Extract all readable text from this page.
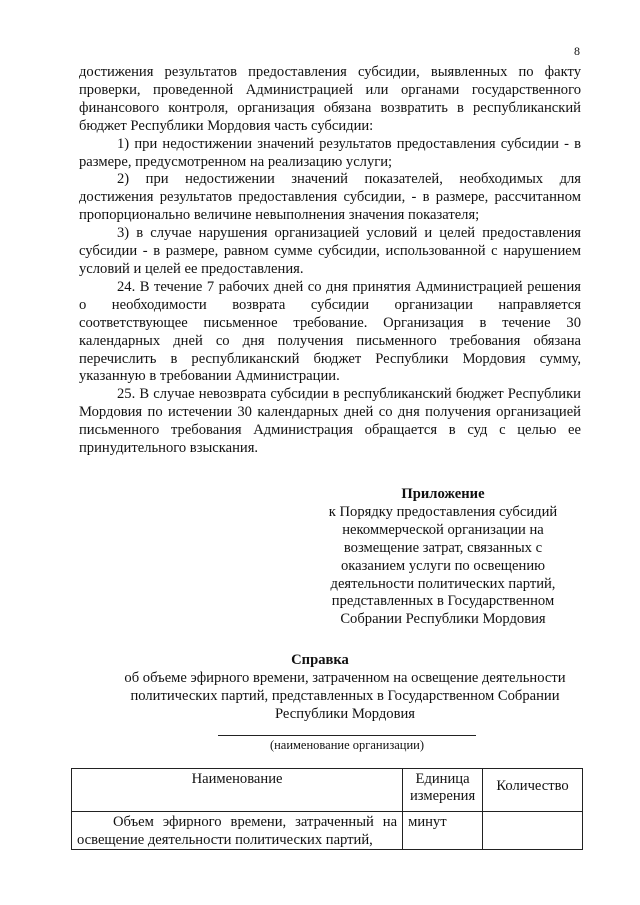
8

достижения результатов предоставления субсидии, выявленных по факту проверки, проведенной Администрацией или органами государственного финансового контроля, организация обязана возвратить в республиканский бюджет Республики Мордовия часть субсидии:

1) при недостижении значений результатов предоставления субсидии - в размере, предусмотренном на реализацию услуги;

2) при недостижении значений показателей, необходимых для достижения результатов предоставления субсидии, - в размере, рассчитанном пропорционально величине невыполнения значения показателя;

3) в случае нарушения организацией условий и целей предоставления субсидии - в размере, равном сумме субсидии, использованной с нарушением условий и целей ее предоставления.

24. В течение 7 рабочих дней со дня принятия Администрацией решения о необходимости возврата субсидии организации направляется соответствующее письменное требование. Организация в течение 30 календарных дней со дня получения письменного требования обязана перечислить в республиканский бюджет Республики Мордовия сумму, указанную в требовании Администрации.

25. В случае невозврата субсидии в республиканский бюджет Республики Мордовия по истечении 30 календарных дней со дня получения организацией письменного требования Администрация обращается в суд с целью ее принудительного взыскания.

Приложение

к Порядку предоставления субсидий некоммерческой организации на возмещение затрат, связанных с оказанием услуги по освещению деятельности политических партий, представленных в Государственном Собрании Республики Мордовия

Справка

об объеме эфирного времени, затраченном на освещение деятельности политических партий, представленных в Государственном Собрании Республики Мордовия

(наименование организации)
Наименование	Единица измерения	Количество
Объем эфирного времени, затраченный на освещение деятельности политических партий,	минут	
